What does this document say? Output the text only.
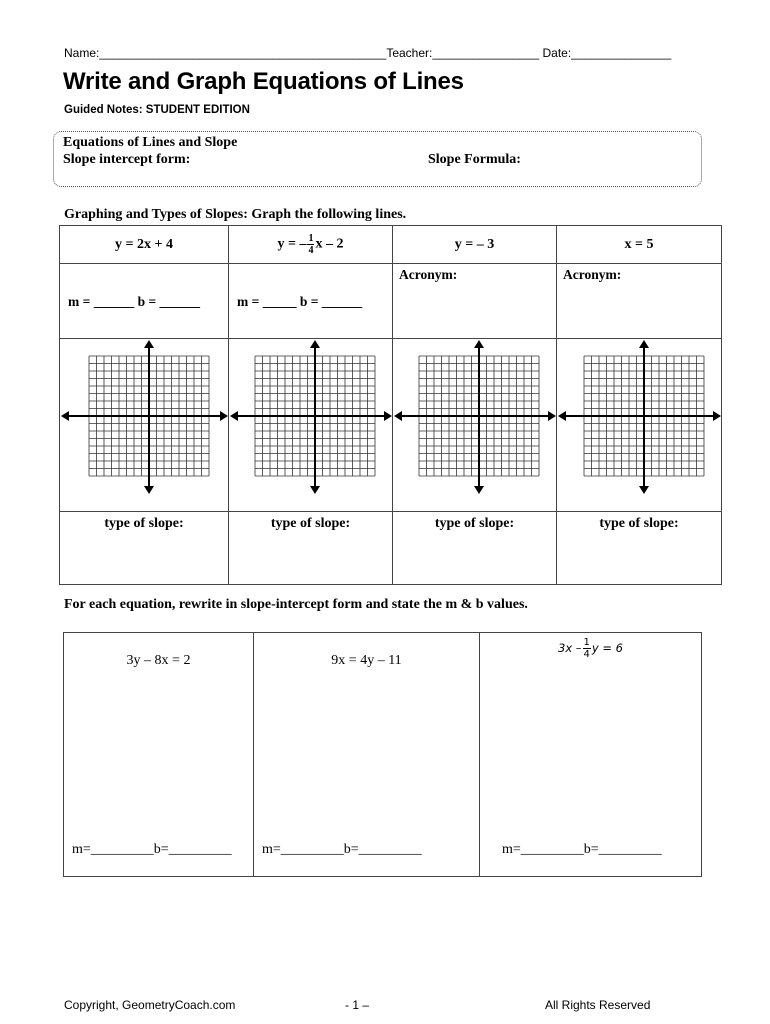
Name:___________________________________________Teacher:________________ Date:_______________
Write and Graph Equations of Lines
Guided Notes: STUDENT EDITION
Equations of Lines and Slope
Slope intercept form:	Slope Formula:
Graphing and Types of Slopes: Graph the following lines.
y = 2x + 4	y = – $\frac{1}{4}$ x – 2	y = – 3	x = 5

m = ______ b = ______	m = _____ b = ______	Acronym:	Acronym:

type of slope:	type of slope:	type of slope:	type of slope:
For each equation, rewrite in slope-intercept form and state the m & b values.
3y – 8x = 2
m=_________b=_________

9x = 4y – 11
m=_________b=_________

$3x - \frac{1}{4}$ y = 6
m=_________b=_________
Copyright, GeometryCoach.com	- 1 –	All Rights Reserved
